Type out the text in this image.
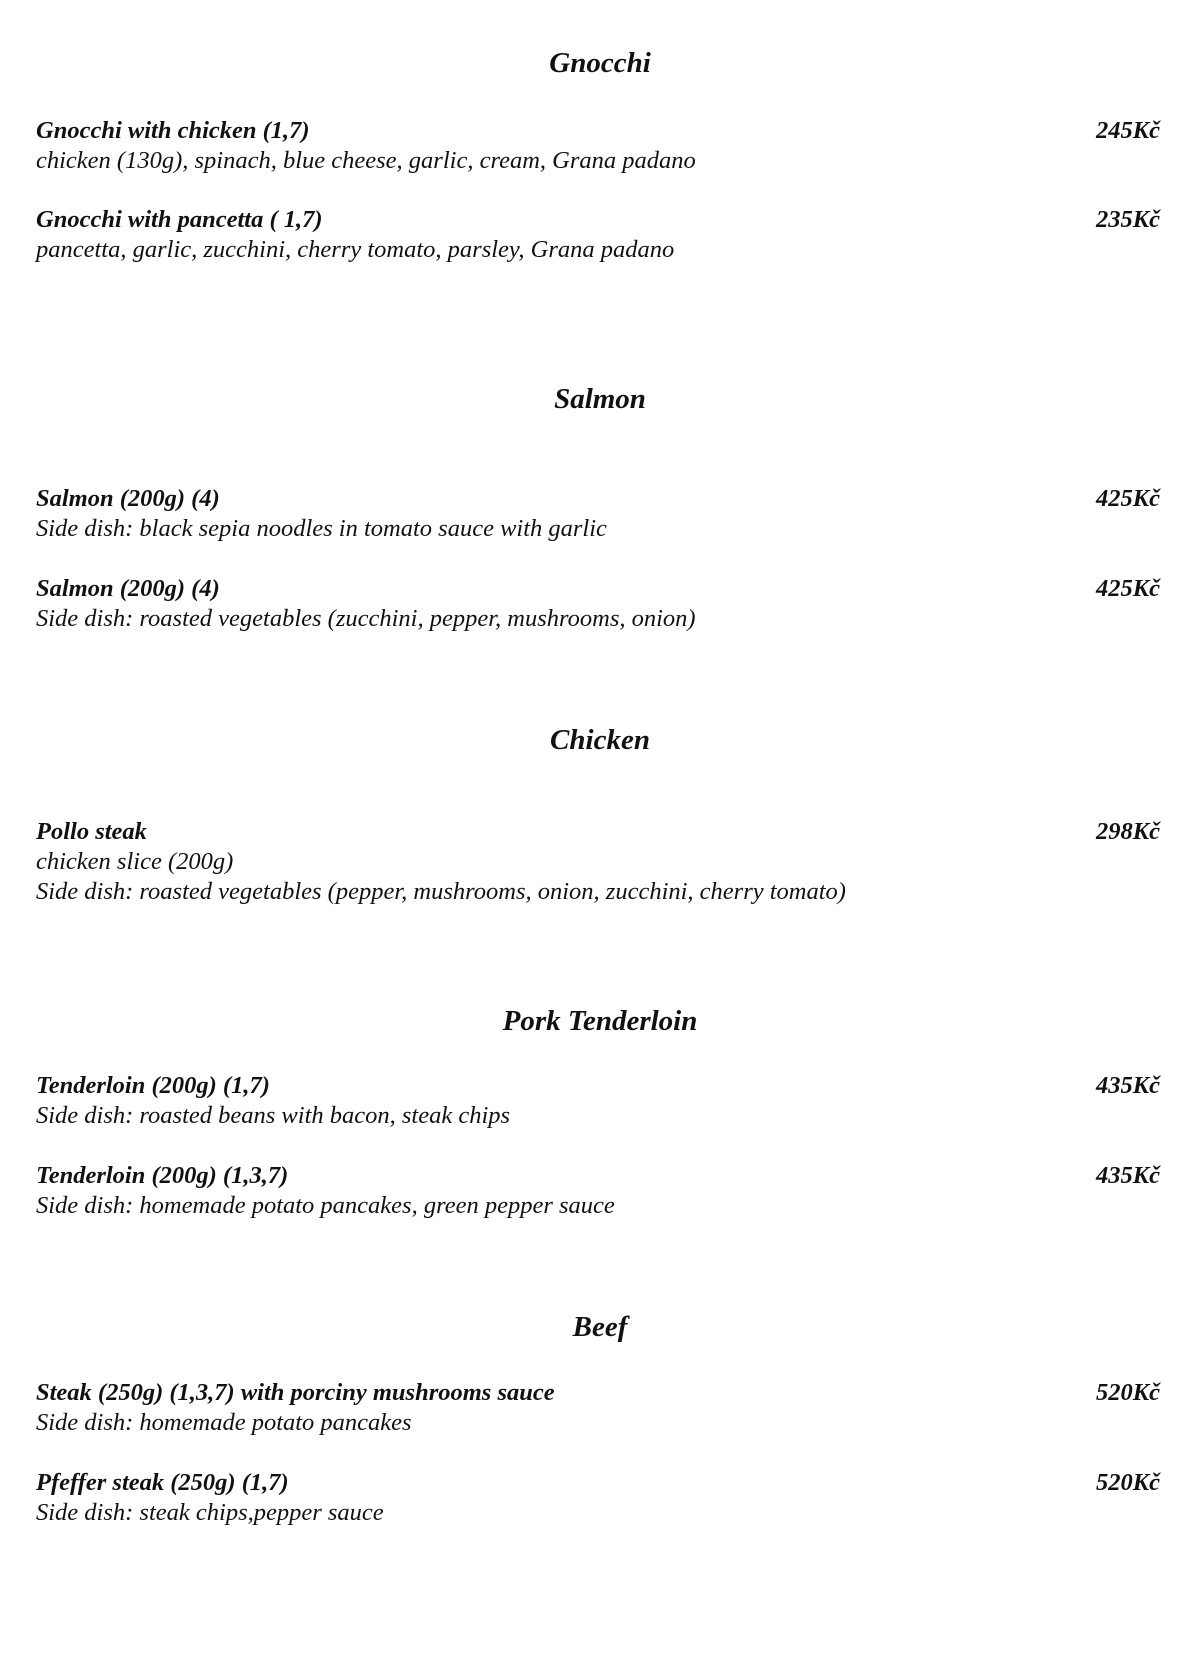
Gnocchi
Gnocchi with chicken (1,7)	245Kč

chicken (130g), spinach, blue cheese, garlic, cream, Grana padano

Gnocchi with pancetta ( 1,7)	235Kč

pancetta, garlic, zucchini, cherry tomato, parsley, Grana padano

Salmon
Salmon (200g) (4)	425Kč

Side dish: black sepia noodles in tomato sauce with garlic

Salmon (200g) (4)	425Kč

Side dish: roasted vegetables (zucchini, pepper, mushrooms, onion)

Chicken
Pollo steak	298Kč

chicken slice (200g)

Side dish: roasted vegetables (pepper, mushrooms, onion, zucchini, cherry tomato)

Pork Tenderloin
Tenderloin (200g) (1,7)	435Kč

Side dish: roasted beans with bacon, steak chips

Tenderloin (200g) (1,3,7)	435Kč

Side dish: homemade potato pancakes, green pepper sauce

Beef
Steak (250g) (1,3,7) with porciny mushrooms sauce	520Kč

Side dish: homemade potato pancakes

Pfeffer steak (250g) (1,7)	520Kč

Side dish: steak chips,pepper sauce
